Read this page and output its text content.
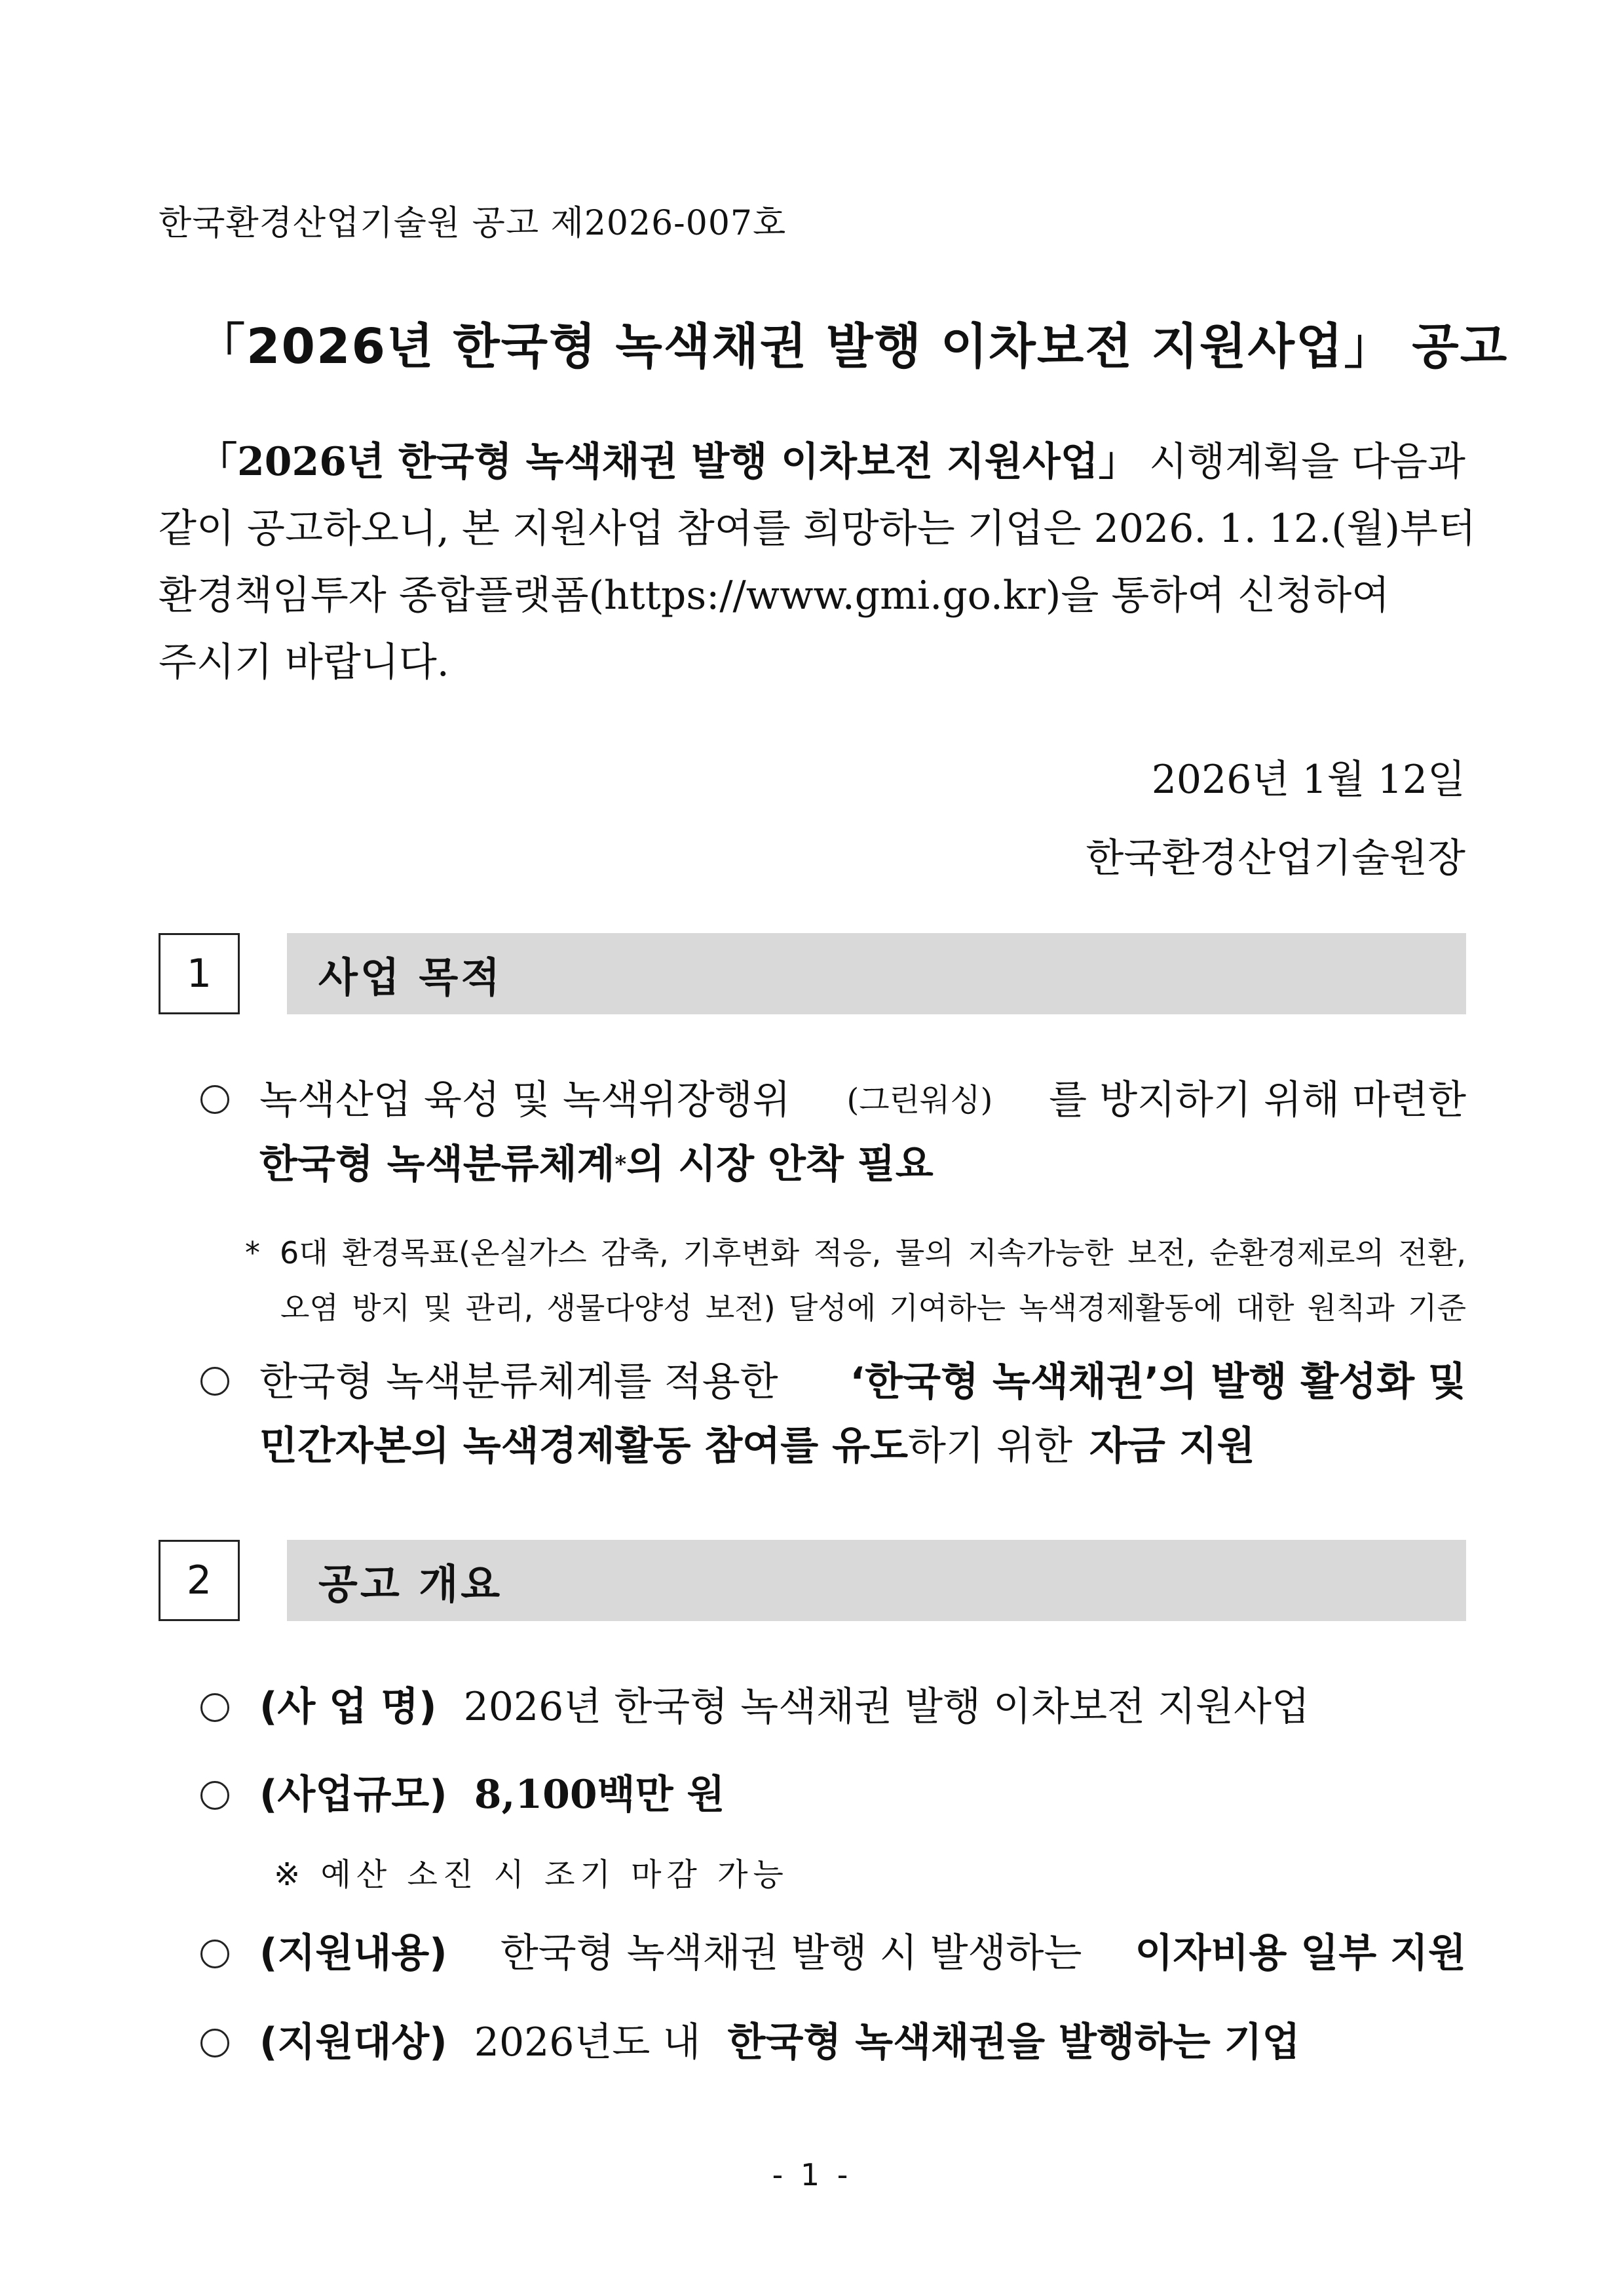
한국환경산업기술원 공고 제2026-007호
「2026년 한국형 녹색채권 발행 이차보전 지원사업」 공고
「2026년 한국형 녹색채권 발행 이차보전 지원사업」 시행계획을 다음과
같이 공고하오니, 본 지원사업 참여를 희망하는 기업은 2026. 1. 12.(월)부터
환경책임투자 종합플랫폼(https://www.gmi.go.kr)을 통하여 신청하여
주시기 바랍니다.
2026년 1월 12일
한국환경산업기술원장
1	사업 목적
녹색산업 육성 및 녹색위장행위 (그린워싱) 를 방지하기 위해 마련한
한국형 녹색분류체계 * 의 시장 안착 필요
* 6대 환경목표(온실가스 감축, 기후변화 적응, 물의 지속가능한 보전, 순환경제로의 전환,
오염 방지 및 관리, 생물다양성 보전) 달성에 기여하는 녹색경제활동에 대한 원칙과 기준
한국형 녹색분류체계를 적용한 ‘한국형 녹색채권’의 발행 활성화 및
민간자본의 녹색경제활동 참여를 유도 하기 위한 자금 지원
2	공고 개요
(사 업 명) 2026년 한국형 녹색채권 발행 이차보전 지원사업
(사업규모) 8,100백만 원
※ 예산 소진 시 조기 마감 가능
(지원내용) 한국형 녹색채권 발행 시 발생하는 이자비용 일부 지원
(지원대상) 2026년도 내 한국형 녹색채권을 발행하는 기업
- 1 -
